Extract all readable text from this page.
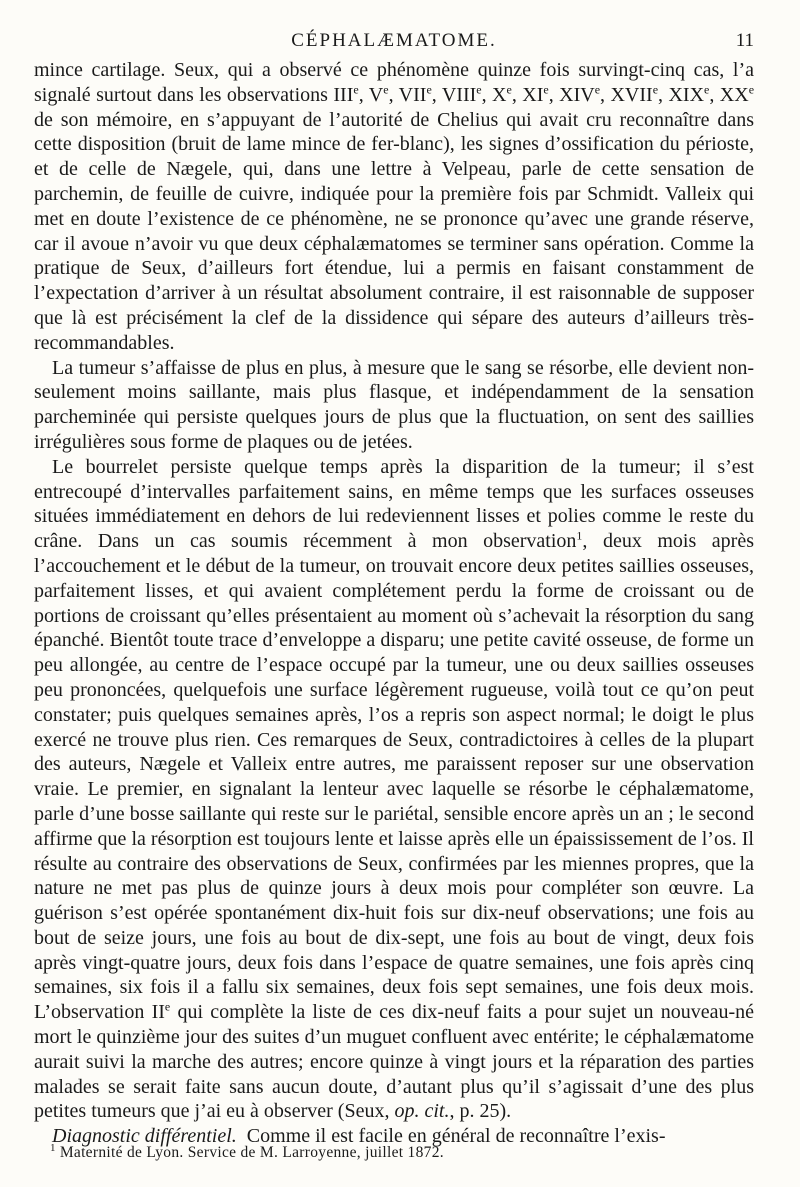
CÉPHALÆMATOME.	11

mince cartilage. Seux, qui a observé ce phénomène quinze fois survingt-cinq cas, l’a signalé surtout dans les observations IIIe, Ve, VIIe, VIIIe, Xe, XIe, XIVe, XVIIe, XIXe, XXe de son mémoire, en s’appuyant de l’autorité de Chelius qui avait cru reconnaître dans cette disposition (bruit de lame mince de fer-blanc), les signes d’ossification du périoste, et de celle de Nægele, qui, dans une lettre à Velpeau, parle de cette sensation de parchemin, de feuille de cuivre, indiquée pour la première fois par Schmidt. Valleix qui met en doute l’existence de ce phénomène, ne se prononce qu’avec une grande réserve, car il avoue n’avoir vu que deux céphalæmatomes se terminer sans opération. Comme la pratique de Seux, d’ailleurs fort étendue, lui a permis en faisant constamment de l’expectation d’arriver à un résultat absolument contraire, il est raisonnable de supposer que là est précisément la clef de la dissidence qui sépare des auteurs d’ailleurs très-recommandables.

La tumeur s’affaisse de plus en plus, à mesure que le sang se résorbe, elle devient non-seulement moins saillante, mais plus flasque, et indépendamment de la sensation parcheminée qui persiste quelques jours de plus que la fluctuation, on sent des saillies irrégulières sous forme de plaques ou de jetées.

Le bourrelet persiste quelque temps après la disparition de la tumeur; il s’est entrecoupé d’intervalles parfaitement sains, en même temps que les surfaces osseuses situées immédiatement en dehors de lui redeviennent lisses et polies comme le reste du crâne. Dans un cas soumis récemment à mon observation$^1$, deux mois après l’accouchement et le début de la tumeur, on trouvait encore deux petites saillies osseuses, parfaitement lisses, et qui avaient complétement perdu la forme de croissant ou de portions de croissant qu’elles présentaient au moment où s’achevait la résorption du sang épanché. Bientôt toute trace d’enveloppe a disparu; une petite cavité osseuse, de forme un peu allongée, au centre de l’espace occupé par la tumeur, une ou deux saillies osseuses peu prononcées, quelquefois une surface légèrement rugueuse, voilà tout ce qu’on peut constater; puis quelques semaines après, l’os a repris son aspect normal; le doigt le plus exercé ne trouve plus rien. Ces remarques de Seux, contradictoires à celles de la plupart des auteurs, Nægele et Valleix entre autres, me paraissent reposer sur une observation vraie. Le premier, en signalant la lenteur avec laquelle se résorbe le céphalæmatome, parle d’une bosse saillante qui reste sur le pariétal, sensible encore après un an ; le second affirme que la résorption est toujours lente et laisse après elle un épaississement de l’os. Il résulte au contraire des observations de Seux, confirmées par les miennes propres, que la nature ne met pas plus de quinze jours à deux mois pour compléter son œuvre. La guérison s’est opérée spontanément dix-huit fois sur dix-neuf observations; une fois au bout de seize jours, une fois au bout de dix-sept, une fois au bout de vingt, deux fois après vingt-quatre jours, deux fois dans l’espace de quatre semaines, une fois après cinq semaines, six fois il a fallu six semaines, deux fois sept semaines, une fois deux mois. L’observation IIe qui complète la liste de ces dix-neuf faits a pour sujet un nouveau-né mort le quinzième jour des suites d’un muguet confluent avec entérite; le céphalæmatome aurait suivi la marche des autres; encore quinze à vingt jours et la réparation des parties malades se serait faite sans aucun doute, d’autant plus qu’il s’agissait d’une des plus petites tumeurs que j’ai eu à observer (Seux, op. cit., p. 25).

Diagnostic différentiel.  Comme il est facile en général de reconnaître l’exis-

$^1$ Maternité de Lyon. Service de M. Larroyenne, juillet 1872.
